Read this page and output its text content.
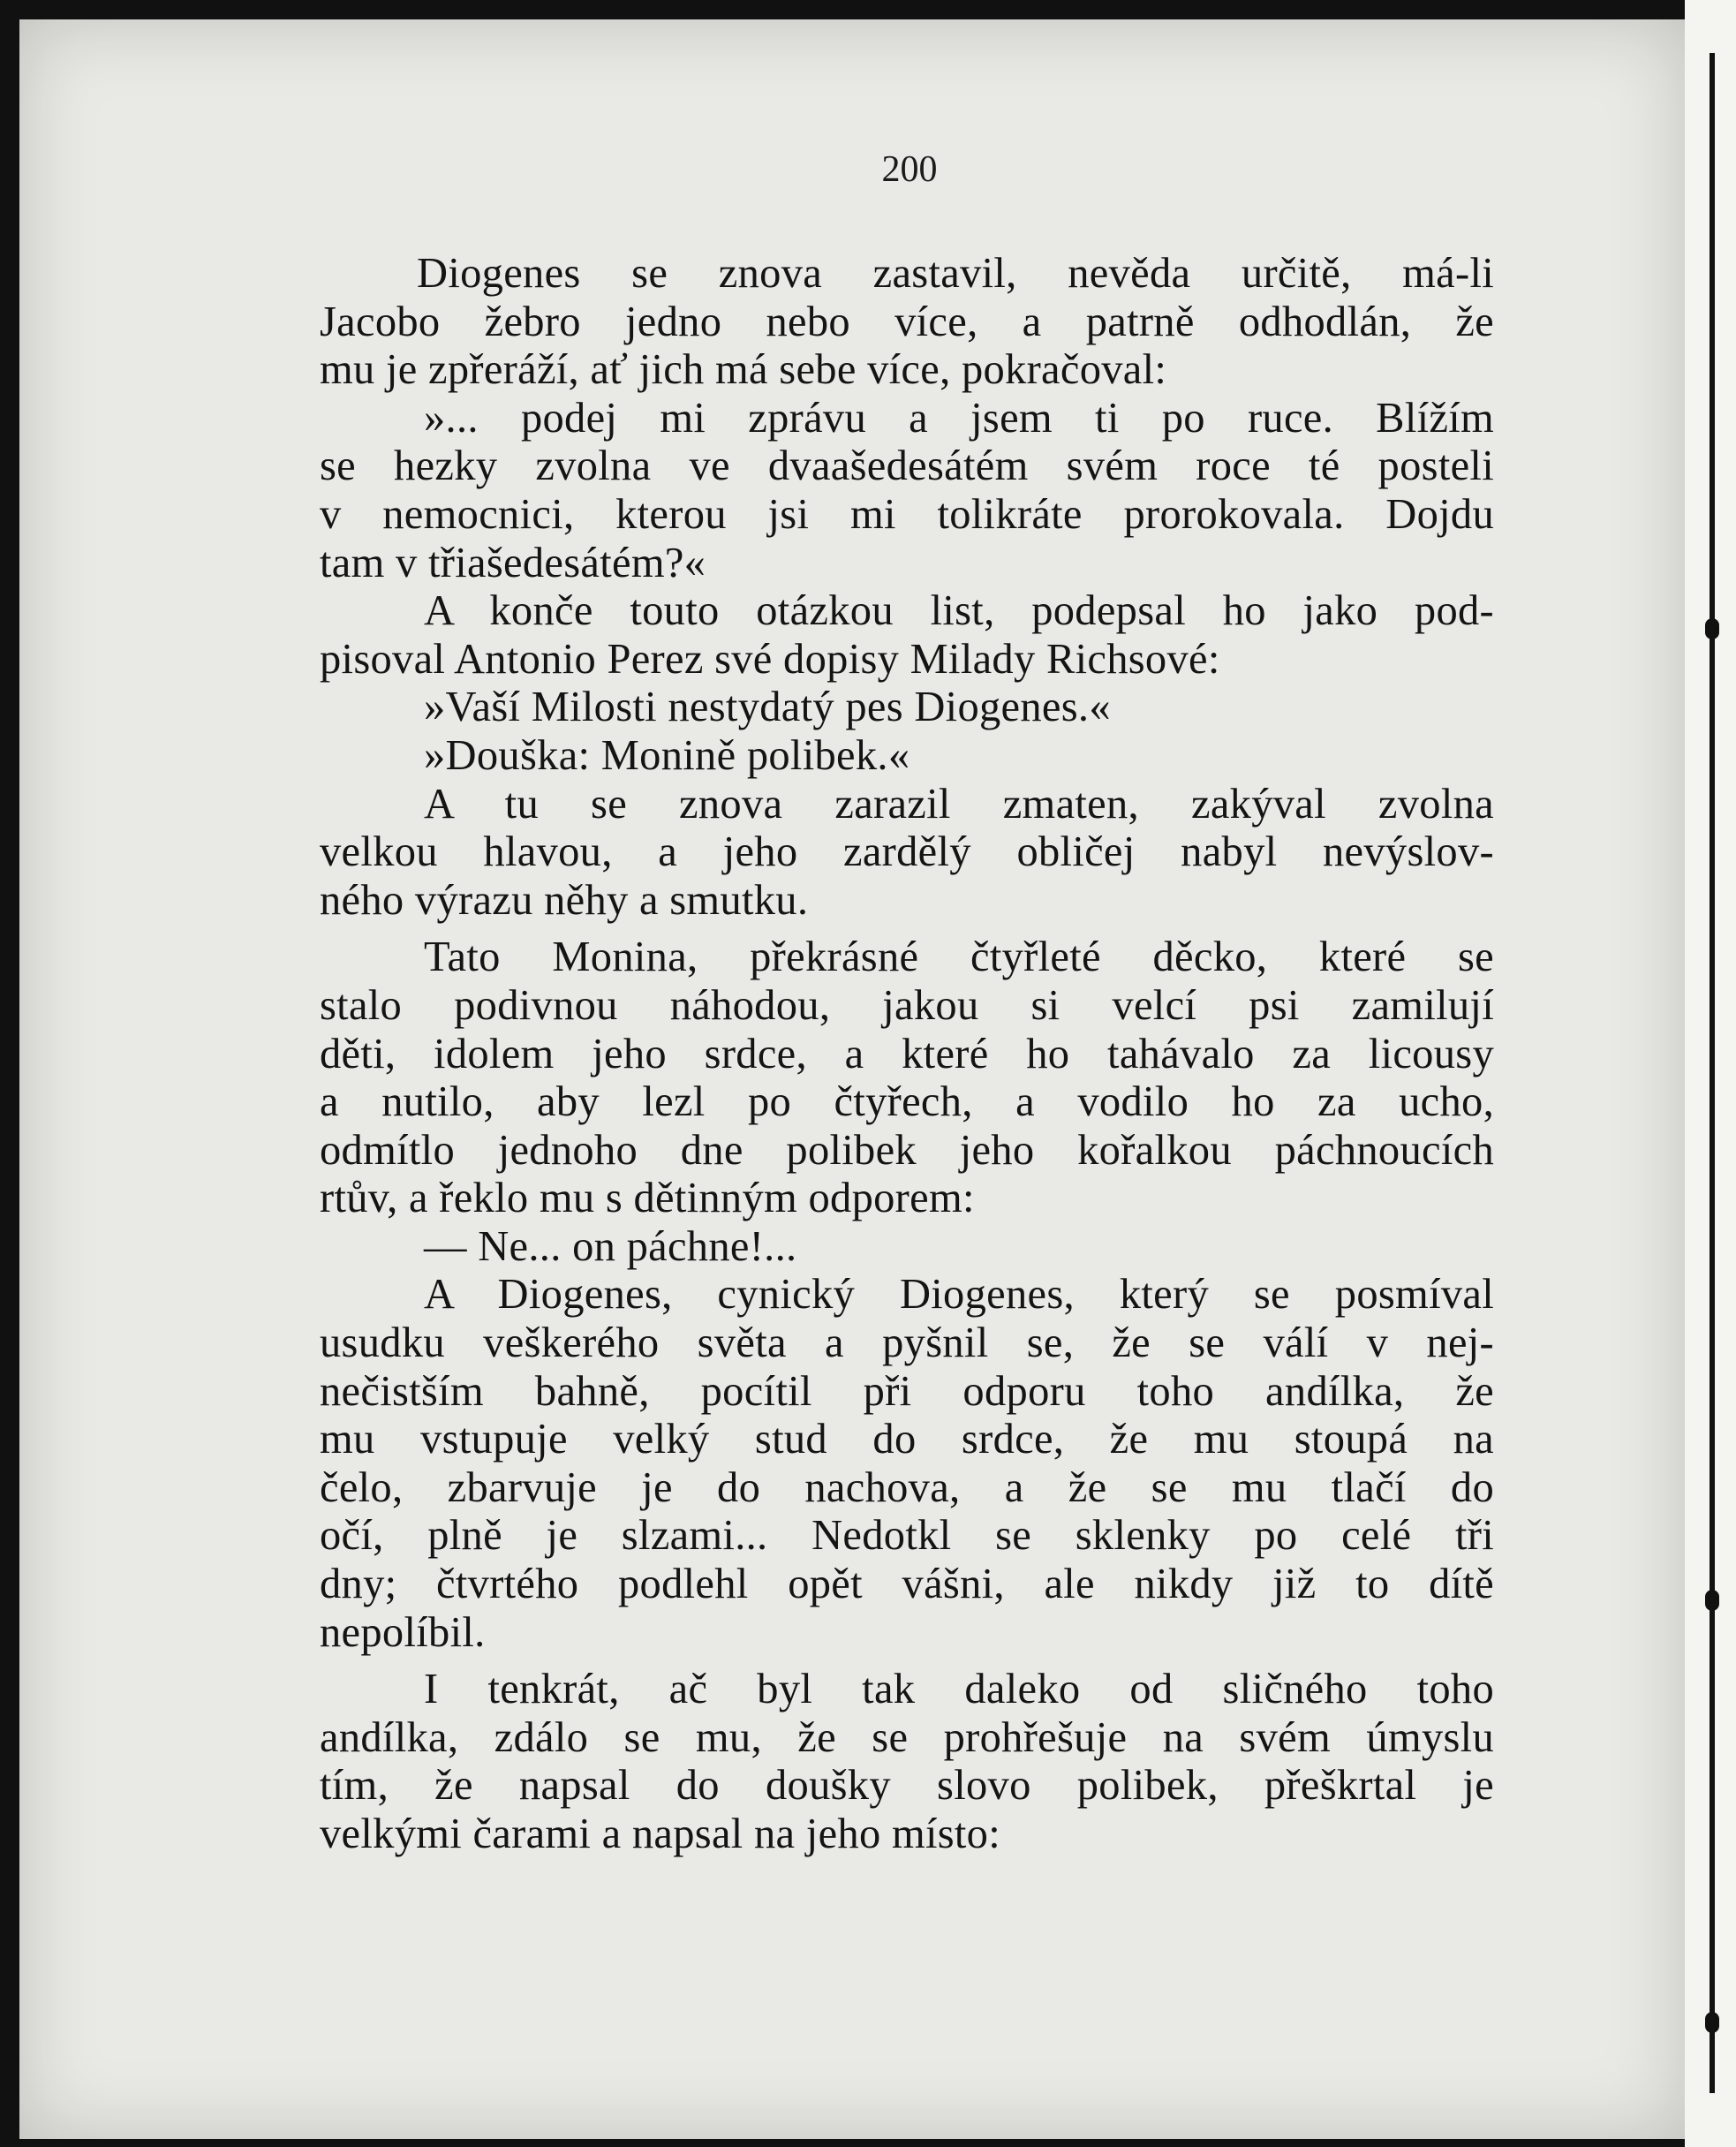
200
Diogenes se znova zastavil, nevěda určitě, má-li
Jacobo žebro jedno nebo více, a patrně odhodlán, že
mu je zpřeráží, ať jich má sebe více, pokračoval:
»... podej mi zprávu a jsem ti po ruce. Blížím
se hezky zvolna ve dvaašedesátém svém roce té posteli
v nemocnici, kterou jsi mi tolikráte prorokovala. Dojdu
tam v třiašedesátém?«
A konče touto otázkou list, podepsal ho jako pod-
pisoval Antonio Perez své dopisy Milady Richsové:
»Vaší Milosti nestydatý pes Diogenes.«
»Douška: Monině polibek.«
A tu se znova zarazil zmaten, zakýval zvolna
velkou hlavou, a jeho zardělý obličej nabyl nevýslov-
ného výrazu něhy a smutku.
Tato Monina, překrásné čtyřleté děcko, které se
stalo podivnou náhodou, jakou si velcí psi zamilují
děti, idolem jeho srdce, a které ho tahávalo za licousy
a nutilo, aby lezl po čtyřech, a vodilo ho za ucho,
odmítlo jednoho dne polibek jeho kořalkou páchnoucích
rtův, a řeklo mu s dětinným odporem:
— Ne... on páchne!...
A Diogenes, cynický Diogenes, který se posmíval
usudku veškerého světa a pyšnil se, že se válí v nej-
nečistším bahně, pocítil při odporu toho andílka, že
mu vstupuje velký stud do srdce, že mu stoupá na
čelo, zbarvuje je do nachova, a že se mu tlačí do
očí, plně je slzami... Nedotkl se sklenky po celé tři
dny; čtvrtého podlehl opět vášni, ale nikdy již to dítě
nepolíbil.
I tenkrát, ač byl tak daleko od sličného toho
andílka, zdálo se mu, že se prohřešuje na svém úmyslu
tím, že napsal do doušky slovo polibek, přeškrtal je
velkými čarami a napsal na jeho místo:
